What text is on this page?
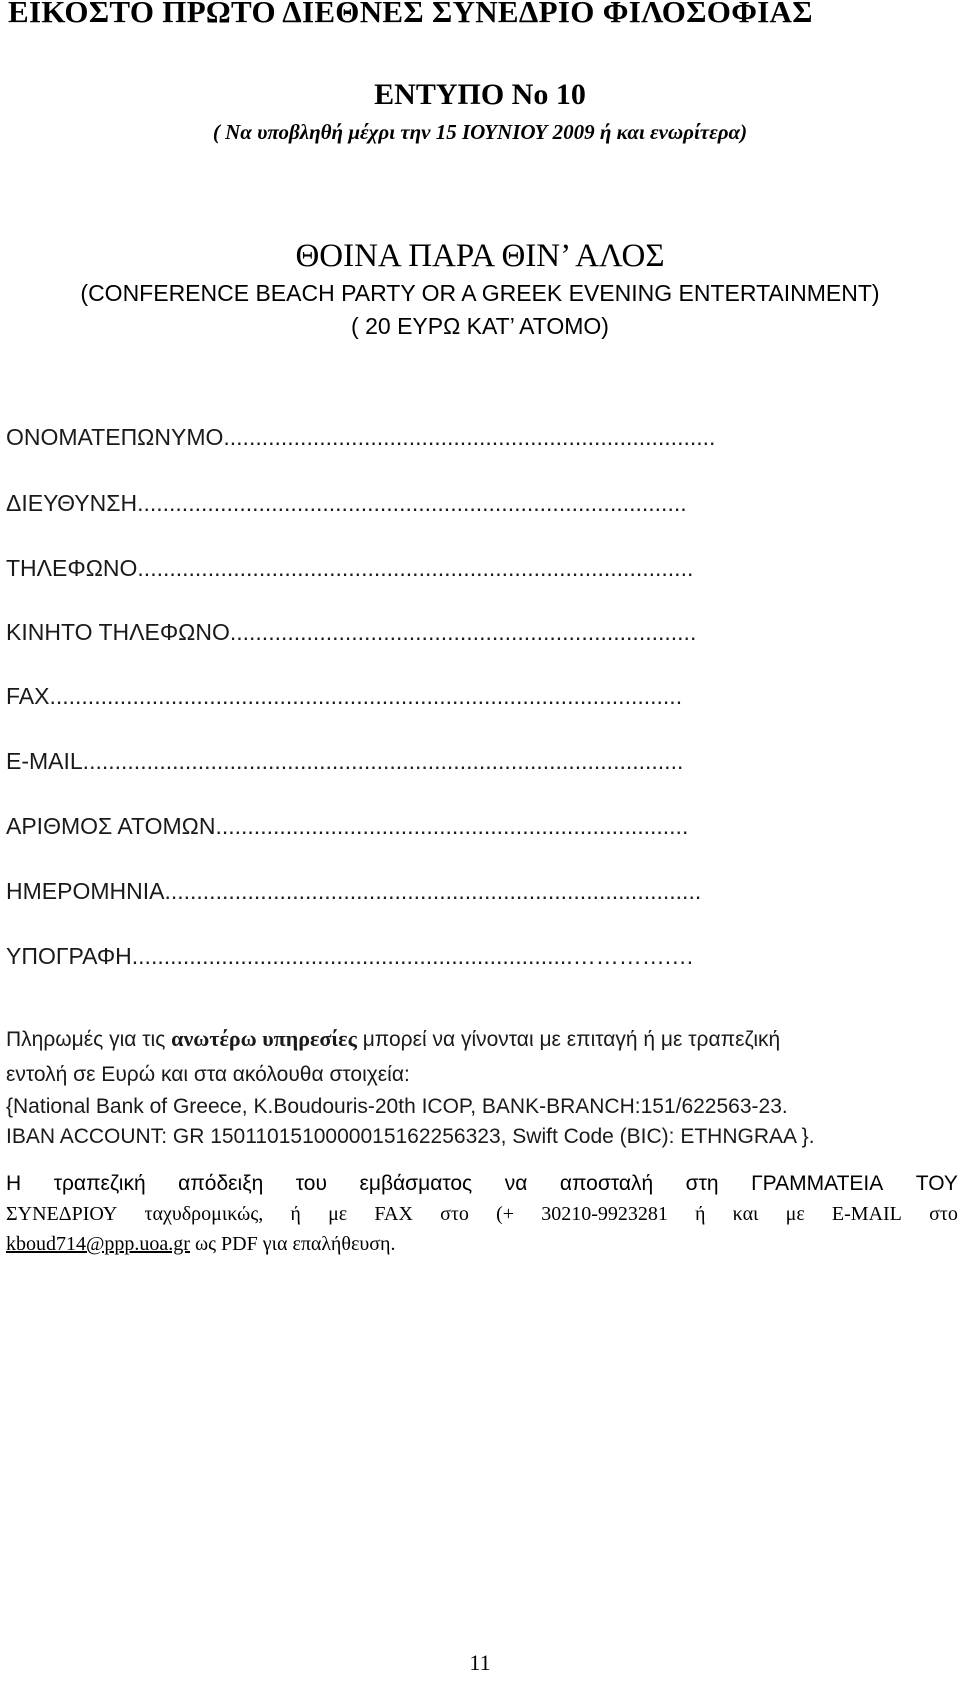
ΕΙΚΟΣΤΟ ΠΡΩΤΟ ΔΙΕΘΝΕΣ ΣΥΝΕΔΡΙΟ ΦΙΛΟΣΟΦΙΑΣ
ΕΝΤΥΠΟ No 10
( Να υποβληθή μέχρι την 15 ΙΟΥΝΙΟΥ 2009 ή και ενωρίτερα)
ΘΟΙΝΑ ΠΑΡΑ ΘΙΝ’ ΑΛΟΣ
(CONFERENCE BEACH PARTY OR A GREEK EVENING ENTERTAINMENT)
( 20 ΕΥΡΩ ΚΑΤ’ ΑΤΟΜΟ)
ΟΝΟΜΑΤΕΠΩΝΥΜΟ.............................................................................
ΔΙΕΥΘΥΝΣΗ......................................................................................
ΤΗΛΕΦΩΝΟ.......................................................................................
ΚΙΝΗΤΟ ΤΗΛΕΦΩΝΟ.........................................................................
FAX...................................................................................................
E-MAIL..............................................................................................
ΑΡΙΘΜΟΣ ΑΤΟΜΩΝ..........................................................................
ΗΜΕΡΟΜΗΝΙΑ....................................................................................
ΥΠΟΓΡΑΦΗ.....................................................................………….…
Πληρωμές για τις ανωτέρω υπηρεσίες μπορεί να γίνονται με επιταγή ή με τραπεζική
εντολή σε Ευρώ και στα ακόλουθα στοιχεία:
{National Bank of Greece, K.Boudouris-20th ICOP, BANK-BRANCH:151/622563-23.
IBAN ACCOUNT: GR 1501101510000015162256323, Swift Code (BIC): ETHNGRAA }.
Η τραπεζική απόδειξη του εμβάσματος να αποσταλή στη ΓΡΑΜΜΑΤΕΙΑ ΤΟΥ
ΣΥΝΕΔΡΙΟΥ ταχυδρομικώς, ή με FAX στο (+ 30210-9923281 ή και με E-MAIL στο
kboud714@ppp.uoa.gr ως PDF για επαλήθευση.
11
